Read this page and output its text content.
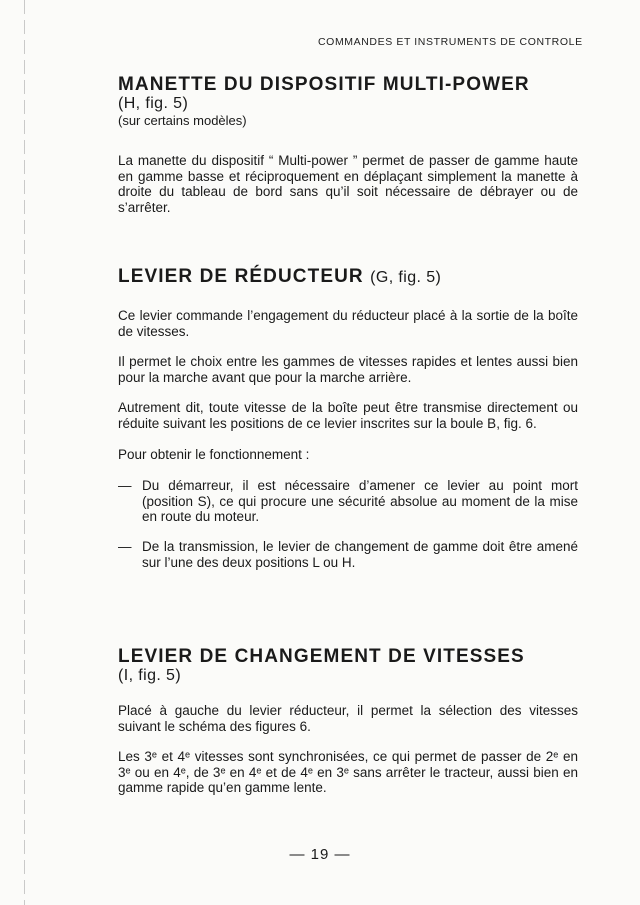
COMMANDES ET INSTRUMENTS DE CONTROLE
MANETTE DU DISPOSITIF MULTI-POWER
(H, fig. 5)
(sur certains modèles)

La manette du dispositif “ Multi-power ” permet de passer de gamme haute en gamme basse et réciproquement en déplaçant simplement la manette à droite du tableau de bord sans qu’il soit nécessaire de débrayer ou de s’arrêter.

LEVIER DE RÉDUCTEUR (G, fig. 5)

Ce levier commande l’engagement du réducteur placé à la sortie de la boîte de vitesses.

Il permet le choix entre les gammes de vitesses rapides et lentes aussi bien pour la marche avant que pour la marche arrière.

Autrement dit, toute vitesse de la boîte peut être transmise directement ou réduite suivant les positions de ce levier inscrites sur la boule B, fig. 6.

Pour obtenir le fonctionnement :

— Du démarreur, il est nécessaire d’amener ce levier au point mort (position S), ce qui procure une sécurité absolue au moment de la mise en route du moteur.
— De la transmission, le levier de changement de gamme doit être amené sur l’une des deux positions L ou H.
LEVIER DE CHANGEMENT DE VITESSES
(I, fig. 5)

Placé à gauche du levier réducteur, il permet la sélection des vitesses suivant le schéma des figures 6.

Les 3ᵉ et 4ᵉ vitesses sont synchronisées, ce qui permet de passer de 2ᵉ en 3ᵉ ou en 4ᵉ, de 3ᵉ en 4ᵉ et de 4ᵉ en 3ᵉ sans arrêter le tracteur, aussi bien en gamme rapide qu’en gamme lente.

— 19 —
